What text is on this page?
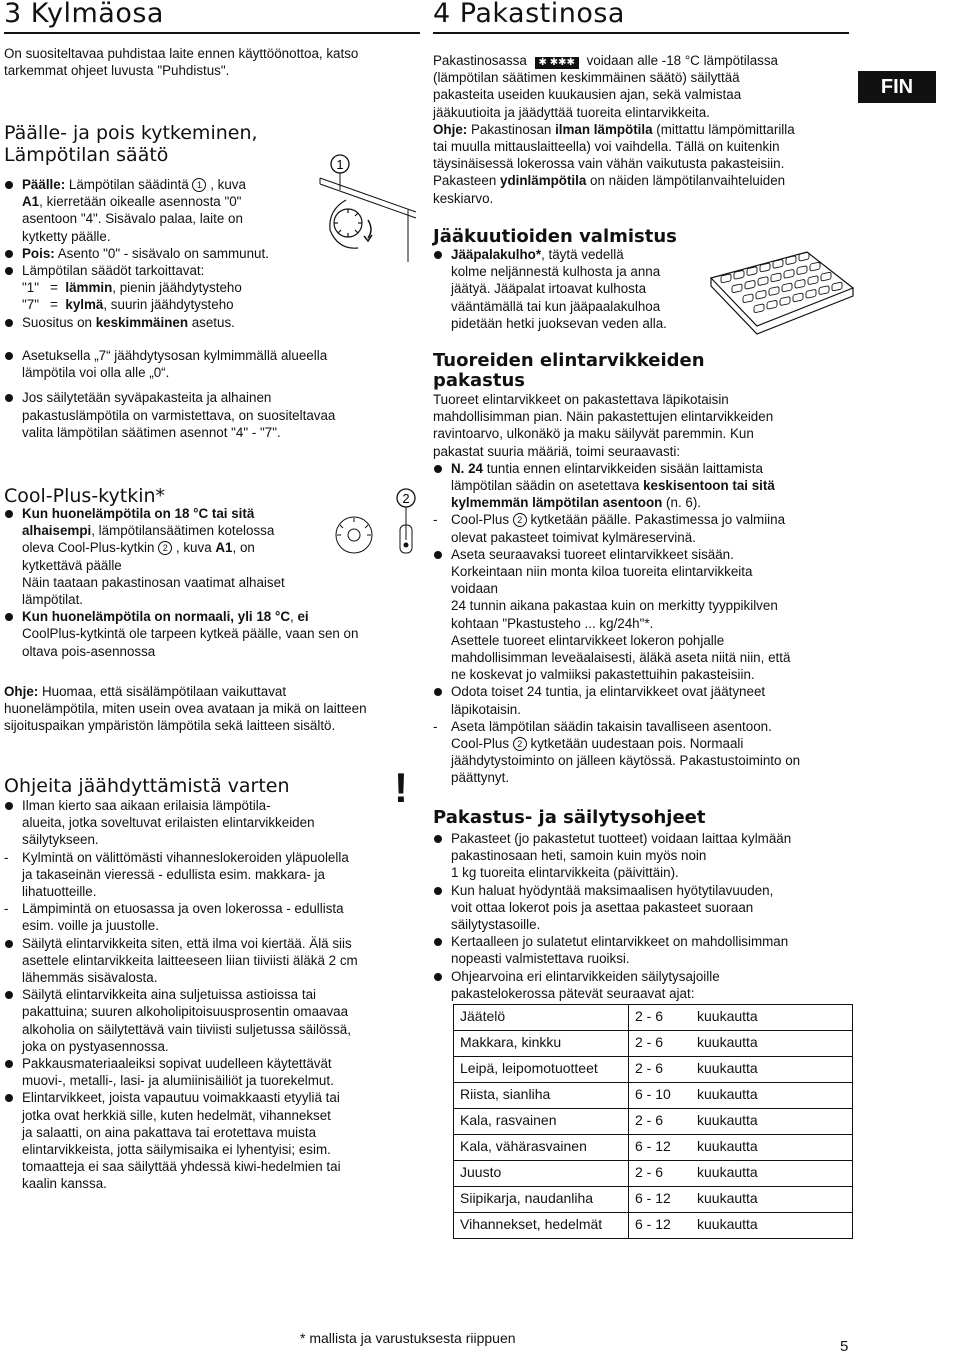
3 Kylmäosa

On suositeltavaa puhdistaa laite ennen käyttöönottoa, katso tarkemmat ohjeet luvusta "Puhdistus".

Päälle- ja pois kytkeminen,
Lämpötilan säätö	1
Päälle: Lämpötilan säädintä 1 , kuva
A1, kierretään oikealle asennosta "0"
asentoon "4". Sisävalo palaa, laite on
kytketty päälle.
Pois: Asento "0" - sisävalo on sammunut.
Lämpötilan säädöt tarkoittavat:
"1"   =  lämmin, pienin jäähdytysteho
"7"   =  kylmä, suurin jäähdytysteho
Suositus on keskimmäinen asetus.
Asetuksella „7“ jäähdytysosan kylmimmällä alueella
lämpötila voi olla alle „0“.
Jos säilytetään syväpakasteita ja alhainen
pakastuslämpötila on varmistettava, on suositeltavaa
valita lämpötilan säätimen asennot "4" - "7".
Cool-Plus-kytkin*	2
Kun huonelämpötila on 18 °C tai sitä
alhaisempi, lämpötilansäätimen kotelossa
oleva Cool-Plus-kytkin 2 , kuva A1, on
kytkettävä päälle
Näin taataan pakastinosan vaatimat alhaiset
lämpötilat.
Kun huonelämpötila on normaali, yli 18 °C, ei
CoolPlus-kytkintä ole tarpeen kytkeä päälle, vaan sen on
oltava pois-asennossa
Ohje: Huomaa, että sisälämpötilaan vaikuttavat
huonelämpötila, miten usein ovea avataan ja mikä on laitteen
sijoituspaikan ympäristön lämpötila sekä laitteen sisältö.
Ohjeita jäähdyttämistä varten !
Ilman kierto saa aikaan erilaisia lämpötila-
alueita, jotka soveltuvat erilaisten elintarvikkeiden
säilytykseen.
- Kylmintä on välittömästi vihanneslokeroiden yläpuolella
ja takaseinän vieressä - edullista esim. makkara- ja
lihatuotteille.
- Lämpimintä on etuosassa ja oven lokerossa - edullista
esim. voille ja juustolle.
Säilytä elintarvikkeita siten, että ilma voi kiertää. Älä siis
asettele elintarvikkeita laitteeseen liian tiiviisti äläkä 2 cm
lähemmäs sisävalosta.
Säilytä elintarvikkeita aina suljetuissa astioissa tai
pakattuina; suuren alkoholipitoisuusprosentin omaavaa
alkoholia on säilytettävä vain tiiviisti suljetussa säilössä,
joka on pystyasennossa.
Pakkausmateriaaleiksi sopivat uudelleen käytettävät
muovi-, metalli-, lasi- ja alumiinisäiliöt ja tuorekelmut.
Elintarvikkeet, joista vapautuu voimakkaasti etyyliä tai
jotka ovat herkkiä sille, kuten hedelmät, vihannekset
ja salaatti, on aina pakattava tai erotettava muista
elintarvikkeista, jotta säilymisaika ei lyhentyisi; esim.
tomaatteja ei saa säilyttää yhdessä kiwi-hedelmien tai
kaalin kanssa.
4 Pakastinosa
FIN
Pakastinosassa ✱ ✱✱✱ voidaan alle -18 °C lämpötilassa
(lämpötilan säätimen keskimmäinen säätö) säilyttää
pakasteita useiden kuukausien ajan, sekä valmistaa
jääkuutioita ja jäädyttää tuoreita elintarvikkeita.
Ohje: Pakastinosan ilman lämpötila (mittattu lämpömittarilla
tai muulla mittauslaitteella) voi vaihdella. Tällä on kuitenkin
täysinäisessä lokerossa vain vähän vaikutusta pakasteisiin.
Pakasteen ydinlämpötila on näiden lämpötilanvaihteluiden
keskiarvo.
Jääkuutioiden valmistus
Jääpalakulho*, täytä vedellä
kolme neljännestä kulhosta ja anna
jäätyä. Jääpalat irtoavat kulhosta
vääntämällä tai kun jääpaalakulhoa
pidetään hetki juoksevan veden alla.
Tuoreiden elintarvikkeiden
pakastus
Tuoreet elintarvikkeet on pakastettava läpikotaisin
mahdollisimman pian. Näin pakastettujen elintarvikkeiden
ravintoarvo, ulkonäkö ja maku säilyvät paremmin. Kun
pakastat suuria määriä, toimi seuraavasti:
N. 24 tuntia ennen elintarvikkeiden sisään laittamista
lämpötilan säädin on asetettava keskisentoon tai sitä
kylmemmän lämpötilan asentoon (n. 6).
- Cool-Plus 2 kytketään päälle. Pakastimessa jo valmiina
olevat pakasteet toimivat kylmäreservinä.
Aseta seuraavaksi tuoreet elintarvikkeet sisään.
Korkeintaan niin monta kiloa tuoreita elintarvikkeita
voidaan
24 tunnin aikana pakastaa kuin on merkitty tyyppikilven
kohtaan "Pkastusteho ... kg/24h"*.
Asettele tuoreet elintarvikkeet lokeron pohjalle
mahdollisimman leveäalaisesti, äläkä aseta niitä niin, että
ne koskevat jo valmiiksi pakastettuihin pakasteisiin.
Odota toiset 24 tuntia, ja elintarvikkeet ovat jäätyneet
läpikotaisin.
- Aseta lämpötilan säädin takaisin tavalliseen asentoon.
Cool-Plus 2 kytketään uudestaan pois. Normaali
jäähdytystoiminto on jälleen käytössä. Pakastustoiminto on
päättynyt.
Pakastus- ja säilytysohjeet
Pakasteet (jo pakastetut tuotteet) voidaan laittaa kylmään
pakastinosaan heti, samoin kuin myös noin
1 kg tuoreita elintarvikkeita (päivittäin).
Kun haluat hyödyntää maksimaalisen hyötytilavuuden,
voit ottaa lokerot pois ja asettaa pakasteet suoraan
säilytystasoille.
Kertaalleen jo sulatetut elintarvikkeet on mahdollisimman
nopeasti valmistettava ruoiksi.
Ohjearvoina eri elintarvikkeiden säilytysajoille
pakastelokerossa pätevät seuraavat ajat:
Jäätelö	2 - 6	kuukautta
Makkara, kinkku	2 - 6	kuukautta
Leipä, leipomotuotteet	2 - 6	kuukautta
Riista, sianliha	6 - 10	kuukautta
Kala, rasvainen	2 - 6	kuukautta
Kala, vähärasvainen	6 - 12	kuukautta
Juusto	2 - 6	kuukautta
Siipikarja, naudanliha	6 - 12	kuukautta
Vihannekset, hedelmät	6 - 12	kuukautta
* mallista ja varustuksesta riippuen	5
